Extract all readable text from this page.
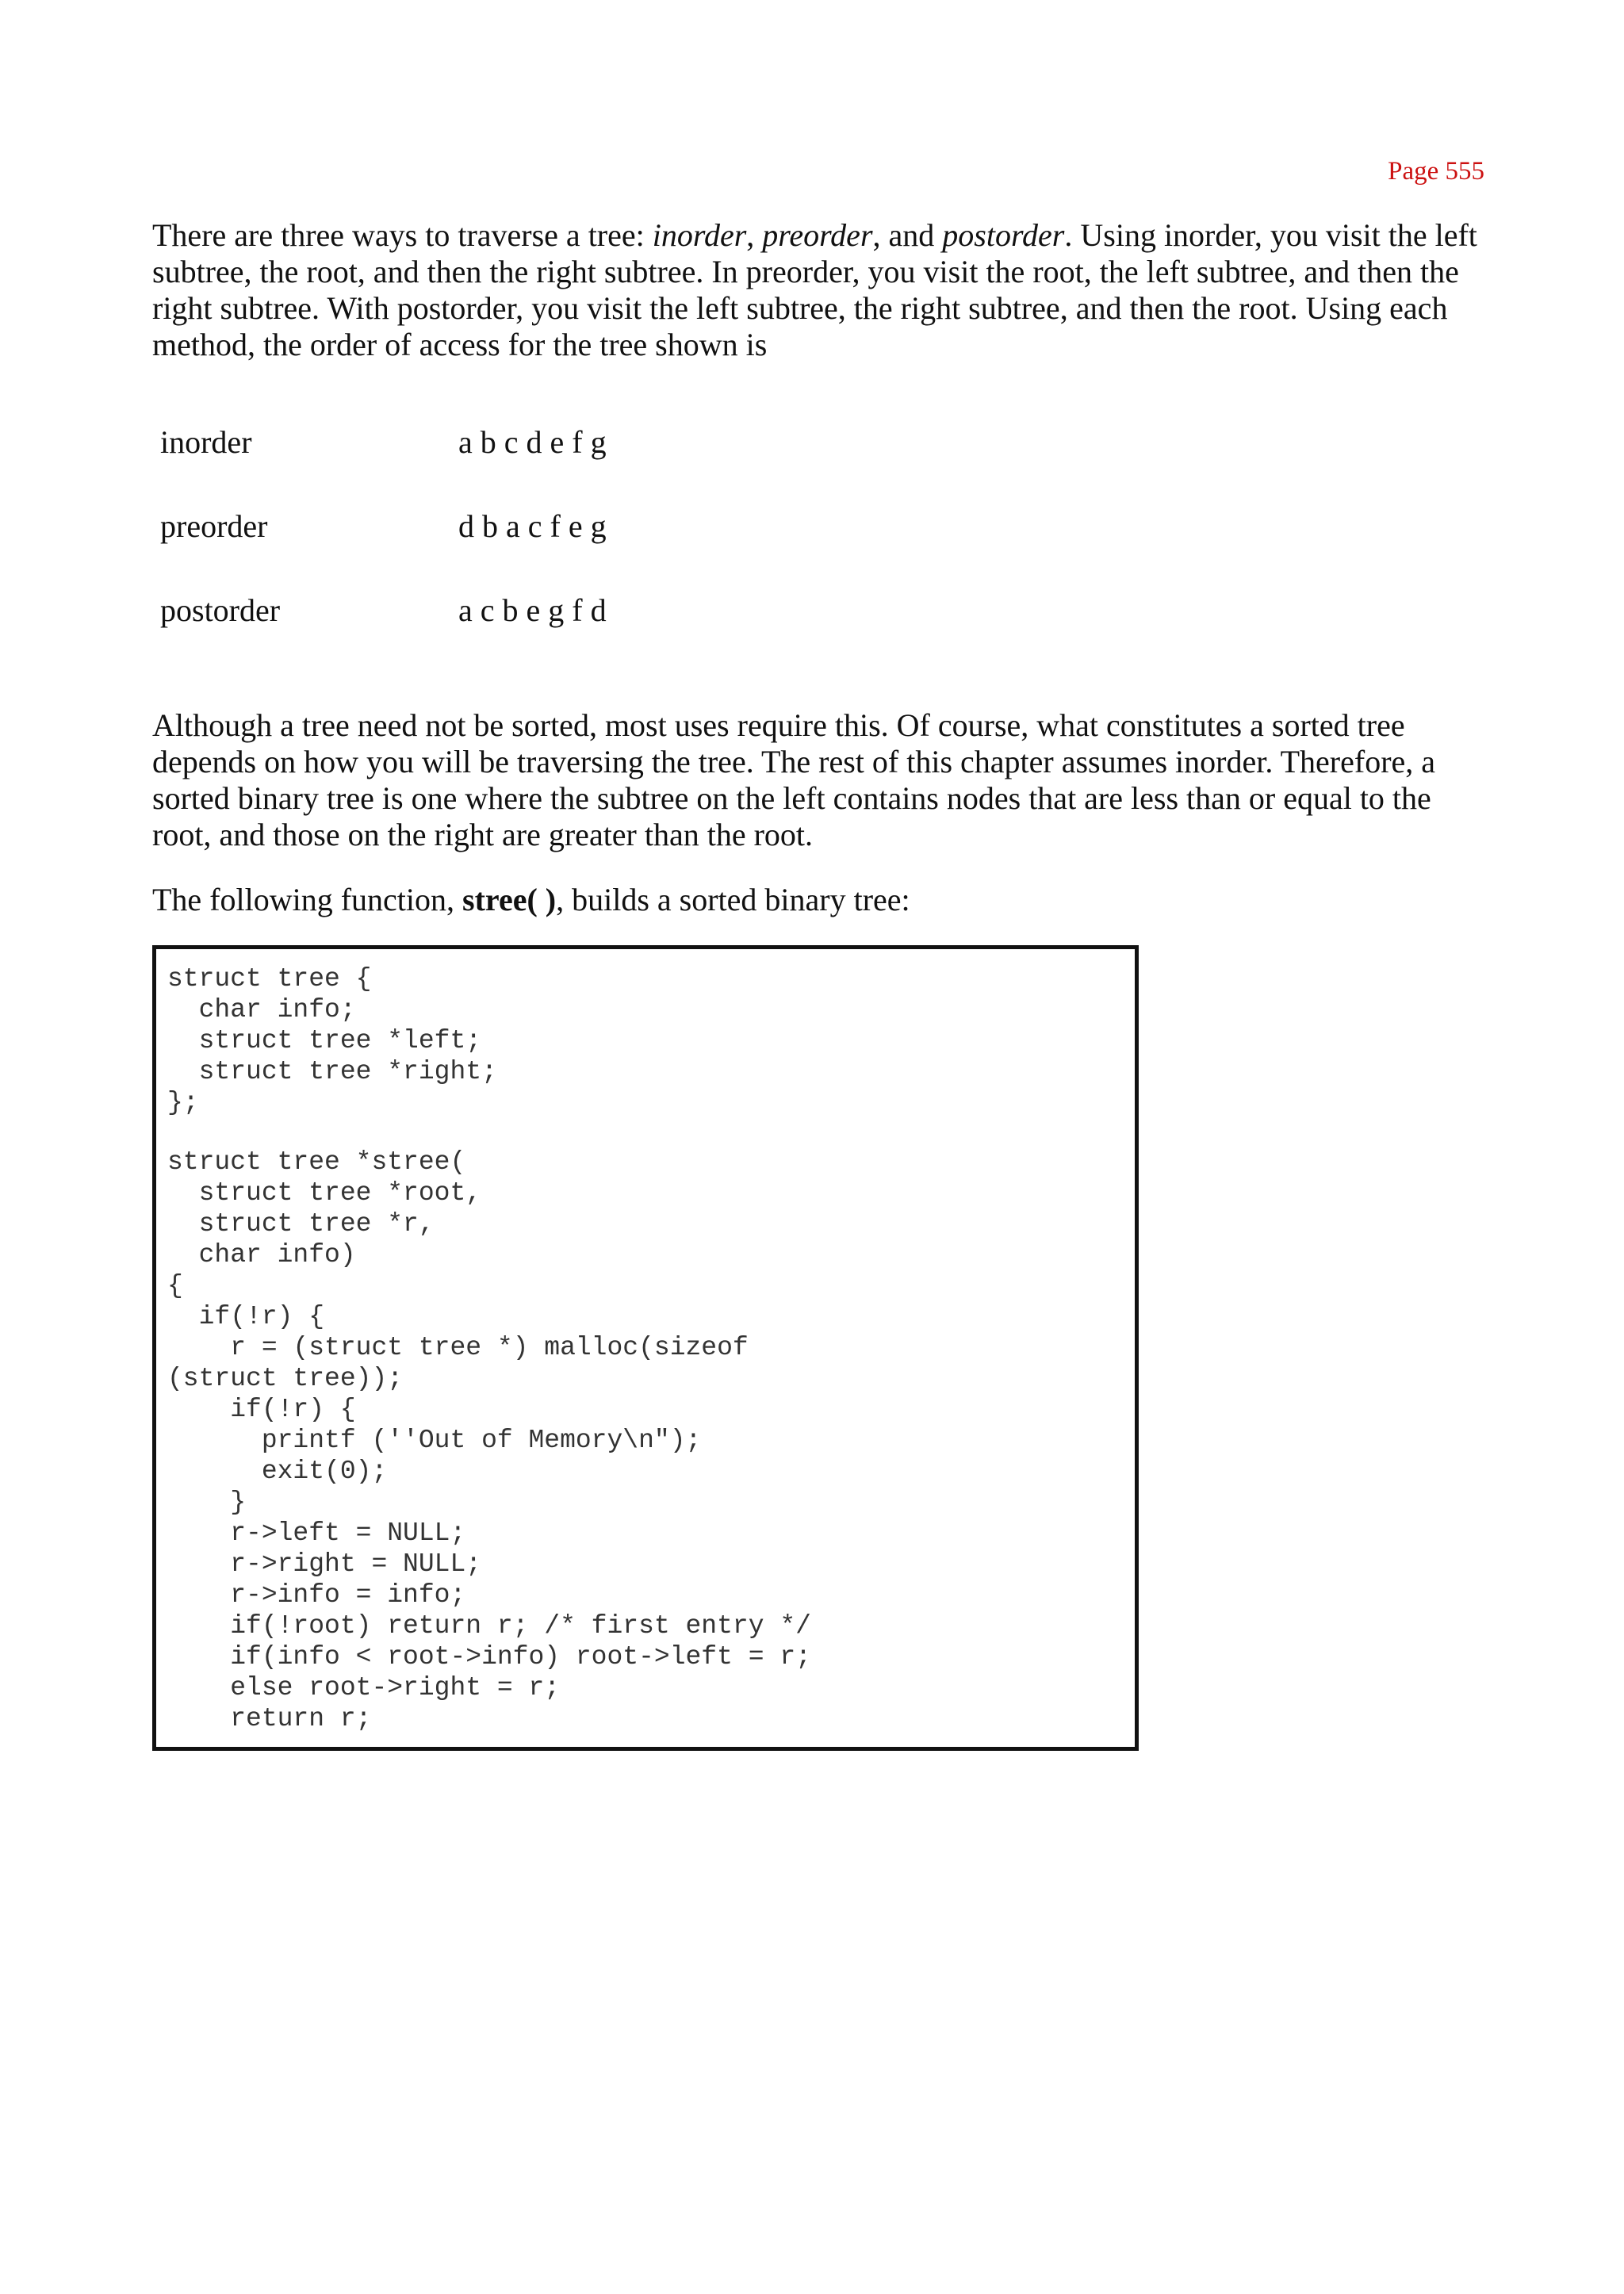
Page 555

There are three ways to traverse a tree: inorder, preorder, and postorder. Using inorder, you visit the left subtree, the root, and then the right subtree. In preorder, you visit the root, the left subtree, and then the right subtree. With postorder, you visit the left subtree, the right subtree, and then the root. Using each method, the order of access for the tree shown is

inorder	a b c d e f g
preorder	d b a c f e g
postorder	a c b e g f d

Although a tree need not be sorted, most uses require this. Of course, what constitutes a sorted tree depends on how you will be traversing the tree. The rest of this chapter assumes inorder. Therefore, a sorted binary tree is one where the subtree on the left contains nodes that are less than or equal to the root, and those on the right are greater than the root.

The following function, stree( ), builds a sorted binary tree:

struct tree {
char info;
struct tree *left;
struct tree *right;
};
struct tree *stree(
struct tree *root,
struct tree *r,
char info)
{
if(!r) {
r = (struct tree *) malloc(sizeof
(struct tree));
if(!r) {
printf (''Out of Memory\n");
exit(0);
}
r->left = NULL;
r->right = NULL;
r->info = info;
if(!root) return r; /* first entry */
if(info < root->info) root->left = r;
else root->right = r;
return r;
